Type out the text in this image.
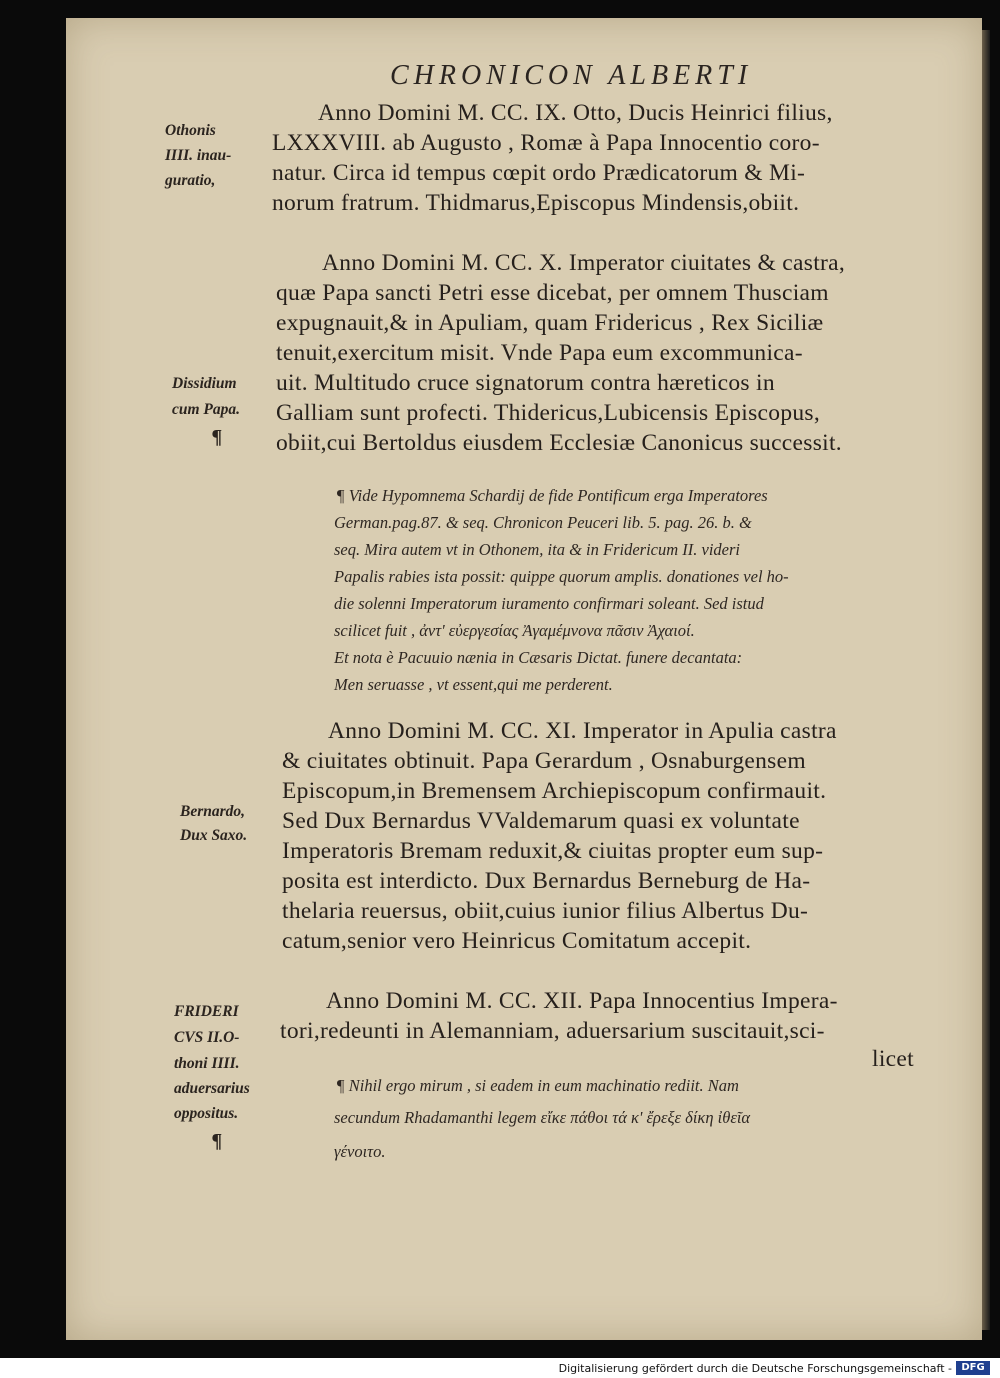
CHRONICON ALBERTI
Othonis
IIII. inau-
guratio,
Dissidium
cum Papa.
¶
Bernardo,
Dux Saxo.
FRIDERI
CVS II.O-
thoni IIII.
aduersarius
oppositus.
¶
Anno Domini M. CC. IX. Otto, Ducis Heinrici filius,
LXXXVIII. ab Augusto , Romæ à Papa Innocentio coro-
natur. Circa id tempus cœpit ordo Prædicatorum & Mi-
norum fratrum. Thidmarus,Episcopus Mindensis,obiit.
Anno Domini M. CC. X. Imperator ciuitates & castra,
quæ Papa sancti Petri esse dicebat, per omnem Thusciam
expugnauit,& in Apuliam, quam Fridericus , Rex Siciliæ
tenuit,exercitum misit. Vnde Papa eum excommunica-
uit. Multitudo cruce signatorum contra hæreticos in
Galliam sunt profecti. Thidericus,Lubicensis Episcopus,
obiit,cui Bertoldus eiusdem Ecclesiæ Canonicus successit.
¶ Vide Hypomnema Schardij de fide Pontificum erga Imperatores
German.pag.87. & seq. Chronicon Peuceri lib. 5. pag. 26. b. &
seq. Mira autem vt in Othonem, ita & in Fridericum II. videri
Papalis rabies ista possit: quippe quorum amplis. donationes vel ho-
die solenni Imperatorum iuramento confirmari soleant. Sed istud
scilicet fuit , ἀντ' εὐεργεσίας Ἀγαμέμνονα πᾶσιν Ἀχαιοί.
Et nota è Pacuuio nænia in Cæsaris Dictat. funere decantata:
Men seruasse , vt essent,qui me perderent.
Anno Domini M. CC. XI. Imperator in Apulia castra
& ciuitates obtinuit. Papa Gerardum , Osnaburgensem
Episcopum,in Bremensem Archiepiscopum confirmauit.
Sed Dux Bernardus VValdemarum quasi ex voluntate
Imperatoris Bremam reduxit,& ciuitas propter eum sup-
posita est interdicto. Dux Bernardus Berneburg de Ha-
thelaria reuersus, obiit,cuius iunior filius Albertus Du-
catum,senior vero Heinricus Comitatum accepit.
Anno Domini M. CC. XII. Papa Innocentius Impera-
tori,redeunti in Alemanniam, aduersarium suscitauit,sci-
licet
¶ Nihil ergo mirum , si eadem in eum machinatio rediit. Nam
secundum Rhadamanthi legem εἴκε πάθοι τά κ' ἔρεξε δίκη ἰθεῖα
γένοιτο.
Digitalisierung gefördert durch die Deutsche Forschungsgemeinschaft - DFG
